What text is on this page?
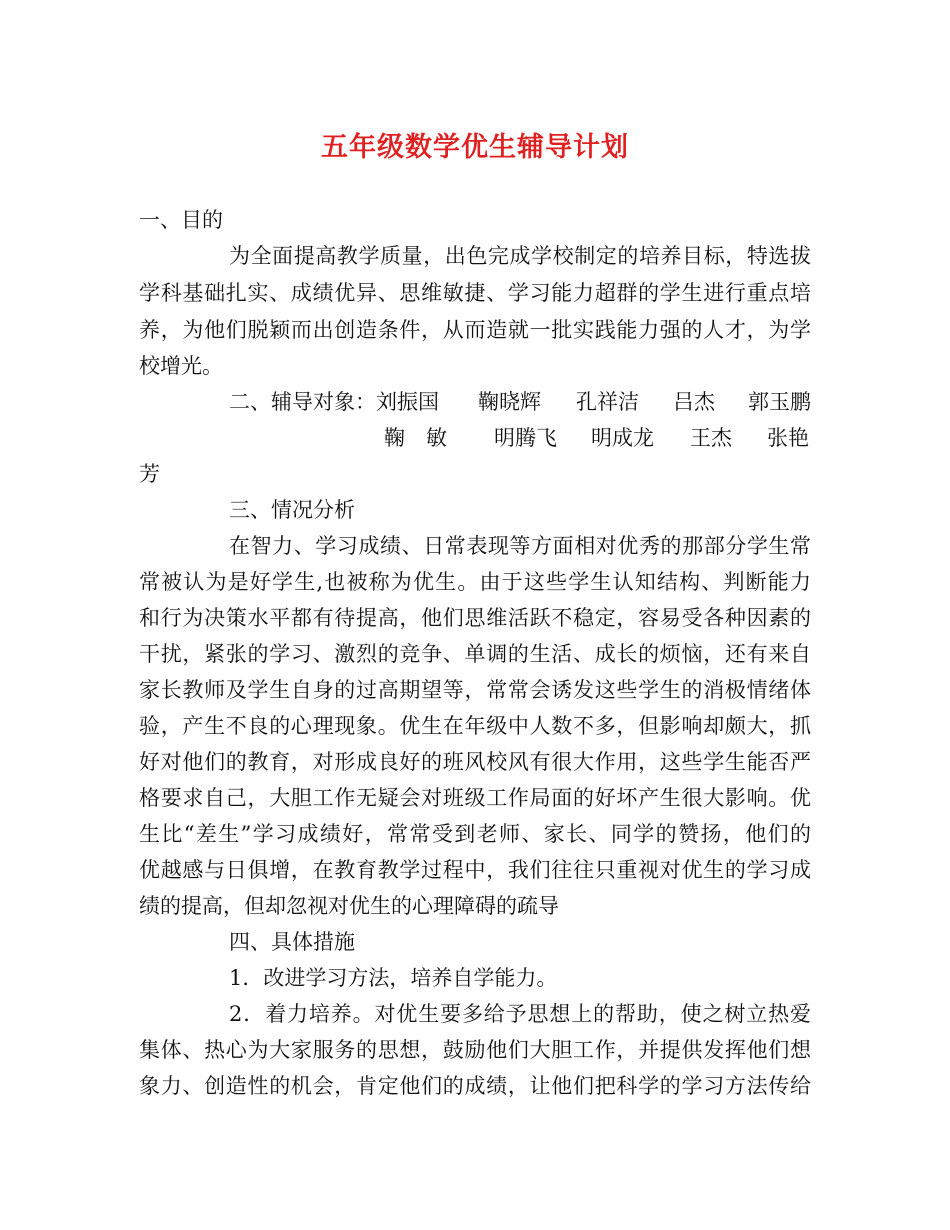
五年级数学优生辅导计划
一、目的
为全面提高教学质量，出色完成学校制定的培养目标，特选拔
学科基础扎实、成绩优异、思维敏捷、学习能力超群的学生进行重点培
养，为他们脱颖而出创造条件，从而造就一批实践能力强的人才，为学
校增光。
二、辅导对象： 刘振国 鞠晓辉 孔祥洁 吕杰 郭玉鹏
鞠　敏 明腾飞 明成龙 王杰 张艳
芳
三、情况分析
在智力、学习成绩、日常表现等方面相对优秀的那部分学生常
常被认为是好学生,也被称为优生。由于这些学生认知结构、判断能力
和行为决策水平都有待提高，他们思维活跃不稳定，容易受各种因素的
干扰，紧张的学习、激烈的竞争、单调的生活、成长的烦恼，还有来自
家长教师及学生自身的过高期望等，常常会诱发这些学生的消极情绪体
验，产生不良的心理现象。优生在年级中人数不多，但影响却颇大，抓
好对他们的教育，对形成良好的班风校风有很大作用，这些学生能否严
格要求自己，大胆工作无疑会对班级工作局面的好坏产生很大影响。优
生比“差生”学习成绩好，常常受到老师、家长、同学的赞扬，他们的
优越感与日俱增，在教育教学过程中，我们往往只重视对优生的学习成
绩的提高，但却忽视对优生的心理障碍的疏导
四、具体措施
1．改进学习方法，培养自学能力。
2．着力培养。对优生要多给予思想上的帮助，使之树立热爱
集体、热心为大家服务的思想，鼓励他们大胆工作，并提供发挥他们想
象力、创造性的机会，肯定他们的成绩，让他们把科学的学习方法传给
